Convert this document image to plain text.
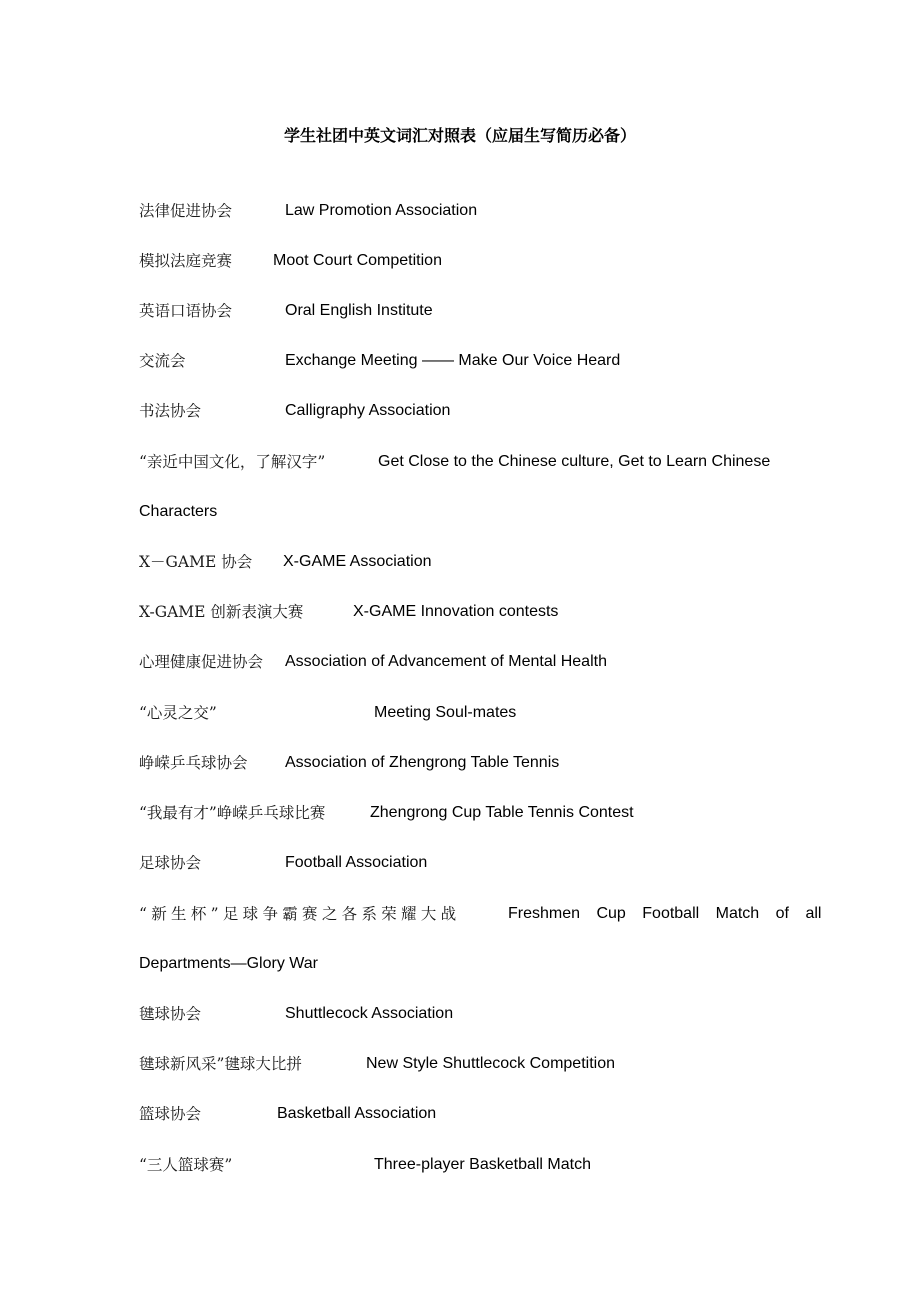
学生社团中英文词汇对照表（应届生写简历必备）
法律促进协会	Law Promotion Association
模拟法庭竞赛	Moot Court Competition
英语口语协会	Oral English Institute
交流会	Exchange Meeting —— Make Our Voice Heard
书法协会	Calligraphy Association
“亲近中国文化，了解汉字”	Get Close to the Chinese culture, Get to Learn Chinese
Characters
X－GAME 协会 X-GAME Association
X-GAME 创新表演大赛	X-GAME Innovation contests
心理健康促进协会 Association of Advancement of Mental Health
“心灵之交”	Meeting Soul-mates
峥嵘乒乓球协会 Association of Zhengrong Table Tennis
“我最有才”峥嵘乒乓球比赛	Zhengrong Cup Table Tennis Contest
足球协会	Football Association
“新生杯”足球争霸赛之各系荣耀大战	Freshmen Cup Football Match of all
Departments—Glory War
毽球协会	Shuttlecock Association
毽球新风采”毽球大比拼	New Style Shuttlecock Competition
篮球协会	Basketball Association
“三人篮球赛”	Three-player Basketball Match
